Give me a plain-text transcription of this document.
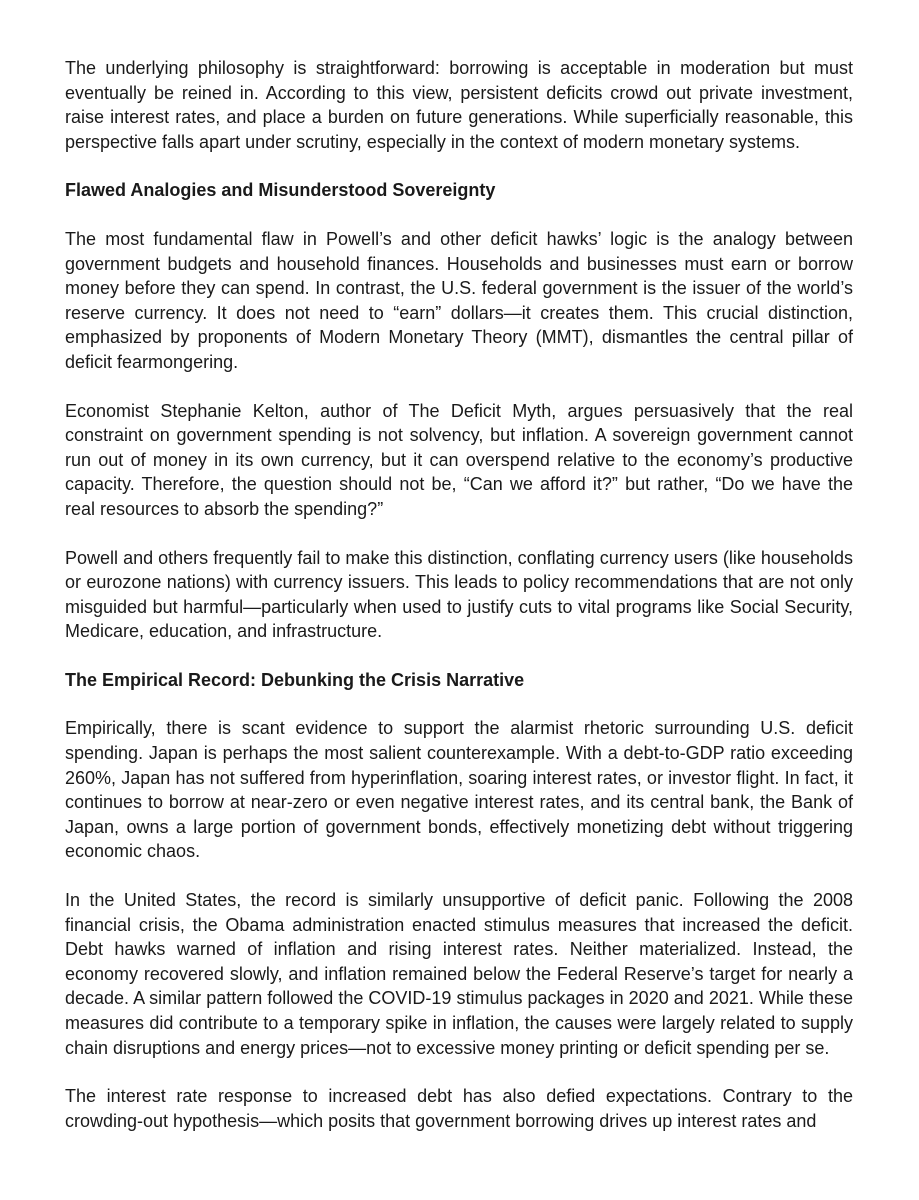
The underlying philosophy is straightforward: borrowing is acceptable in moderation but must eventually be reined in. According to this view, persistent deficits crowd out private investment, raise interest rates, and place a burden on future generations. While superficially reasonable, this perspective falls apart under scrutiny, especially in the context of modern monetary systems.

Flawed Analogies and Misunderstood Sovereignty

The most fundamental flaw in Powell’s and other deficit hawks’ logic is the analogy between government budgets and household finances. Households and businesses must earn or borrow money before they can spend. In contrast, the U.S. federal government is the issuer of the world’s reserve currency. It does not need to “earn” dollars—it creates them. This crucial distinction, emphasized by proponents of Modern Monetary Theory (MMT), dismantles the central pillar of deficit fearmongering.

Economist Stephanie Kelton, author of The Deficit Myth, argues persuasively that the real constraint on government spending is not solvency, but inflation. A sovereign government cannot run out of money in its own currency, but it can overspend relative to the economy’s productive capacity. Therefore, the question should not be, “Can we afford it?” but rather, “Do we have the real resources to absorb the spending?”

Powell and others frequently fail to make this distinction, conflating currency users (like households or eurozone nations) with currency issuers. This leads to policy recommendations that are not only misguided but harmful—particularly when used to justify cuts to vital programs like Social Security, Medicare, education, and infrastructure.

The Empirical Record: Debunking the Crisis Narrative

Empirically, there is scant evidence to support the alarmist rhetoric surrounding U.S. deficit spending. Japan is perhaps the most salient counterexample. With a debt-to-GDP ratio exceeding 260%, Japan has not suffered from hyperinflation, soaring interest rates, or investor flight. In fact, it continues to borrow at near-zero or even negative interest rates, and its central bank, the Bank of Japan, owns a large portion of government bonds, effectively monetizing debt without triggering economic chaos.

In the United States, the record is similarly unsupportive of deficit panic. Following the 2008 financial crisis, the Obama administration enacted stimulus measures that increased the deficit. Debt hawks warned of inflation and rising interest rates. Neither materialized. Instead, the economy recovered slowly, and inflation remained below the Federal Reserve’s target for nearly a decade. A similar pattern followed the COVID-19 stimulus packages in 2020 and 2021. While these measures did contribute to a temporary spike in inflation, the causes were largely related to supply chain disruptions and energy prices—not to excessive money printing or deficit spending per se.

The interest rate response to increased debt has also defied expectations. Contrary to the crowding-out hypothesis—which posits that government borrowing drives up interest rates and
